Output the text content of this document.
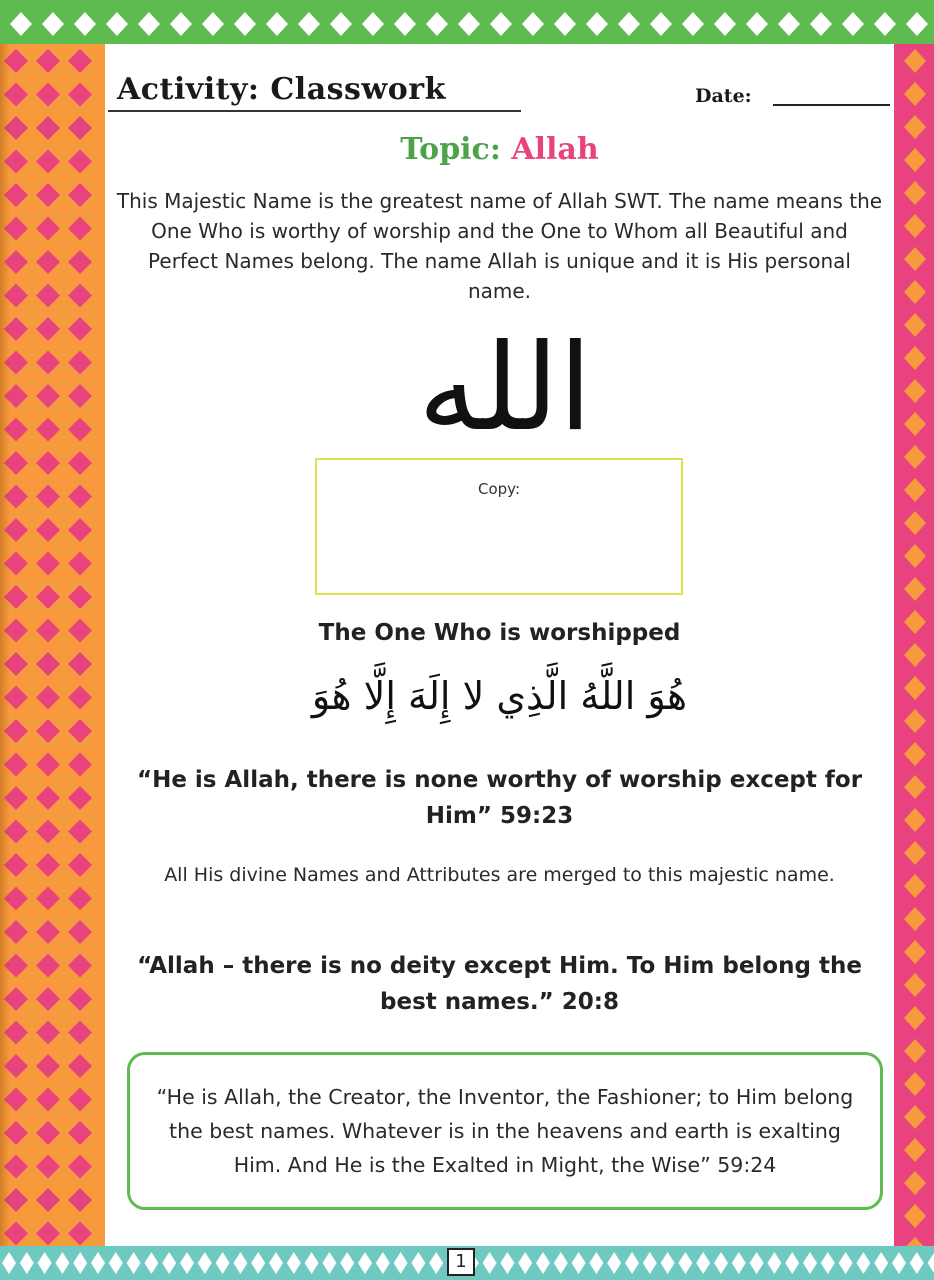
Activity: Classwork	Date:
Topic: Allah
This Majestic Name is the greatest name of Allah SWT. The name means the One Who is worthy of worship and the One to Whom all Beautiful and Perfect Names belong. The name Allah is unique and it is His personal name.
الله
Copy:
The One Who is worshipped
هُوَ اللَّهُ الَّذِي لا إِلَهَ إِلَّا هُوَ
“He is Allah, there is none worthy of worship except for Him” 59:23
All His divine Names and Attributes are merged to this majestic name.
“Allah – there is no deity except Him. To Him belong the best names.” 20:8
“He is Allah, the Creator, the Inventor, the Fashioner; to Him belong the best names. Whatever is in the heavens and earth is exalting Him. And He is the Exalted in Might, the Wise” 59:24
1
